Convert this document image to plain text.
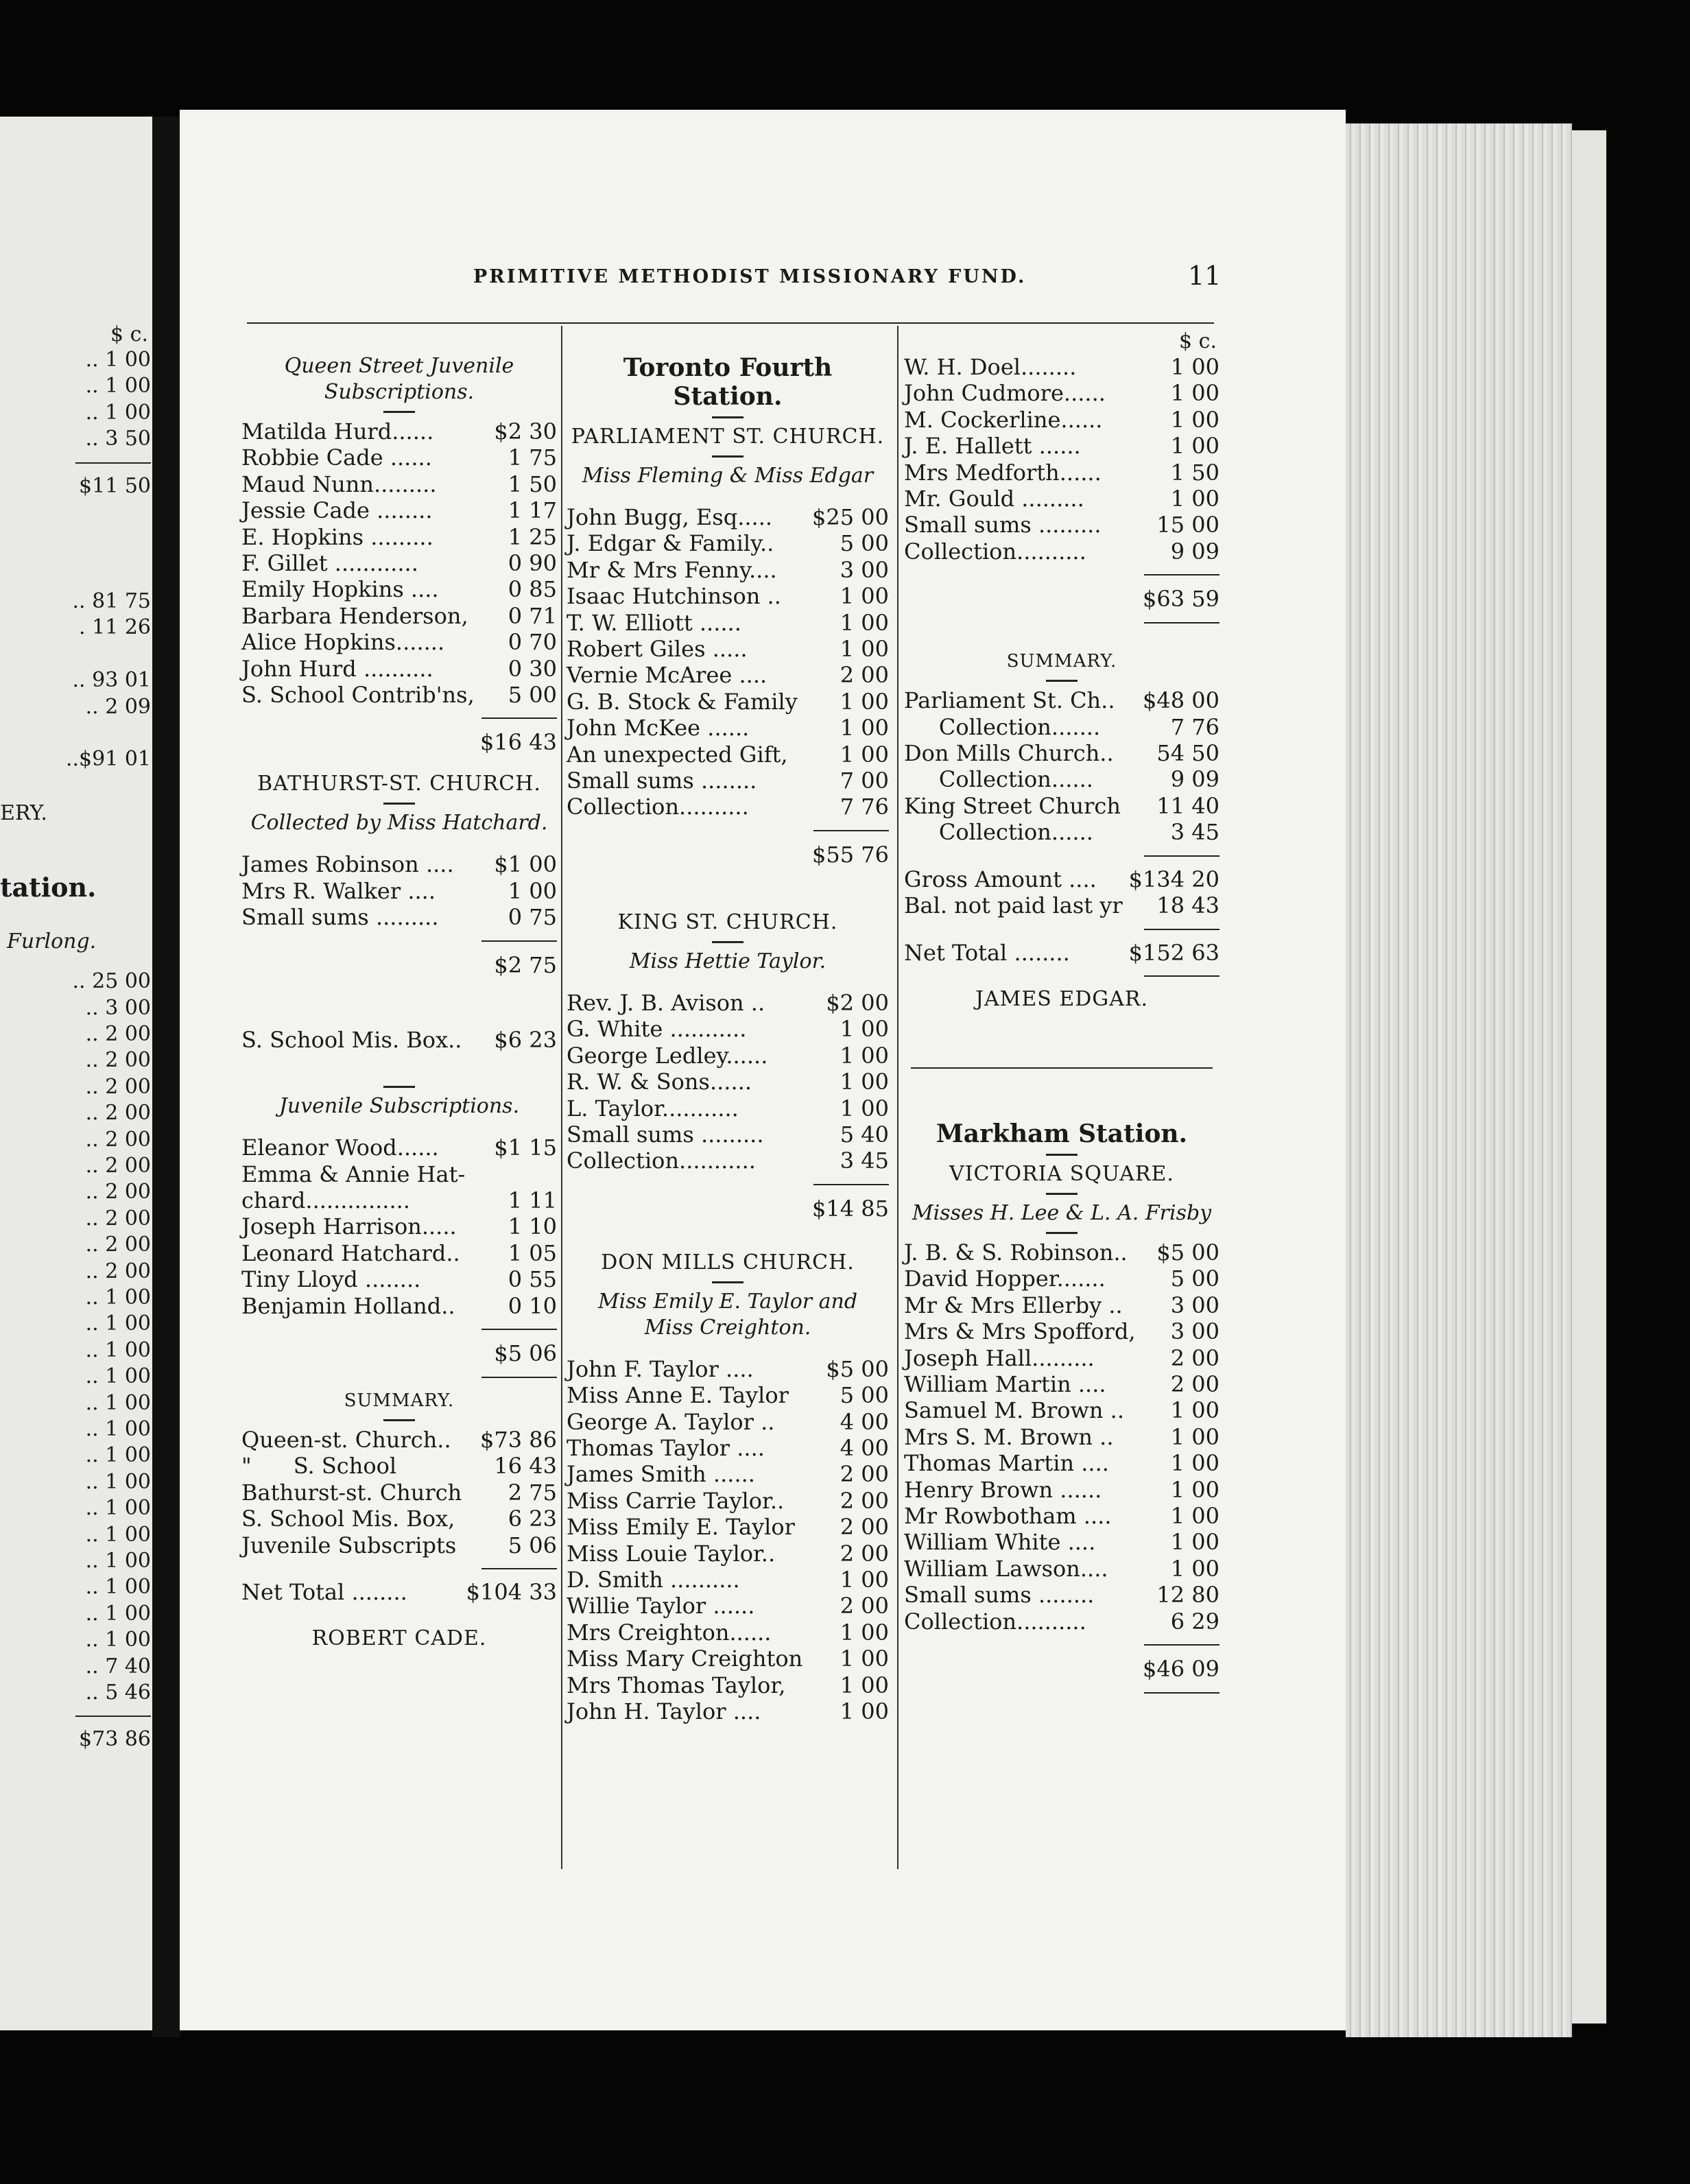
$ c.
.. 1 00
.. 1 00
.. 1 00
.. 3 50
$11 50
.. 81 75
. 11 26

.. 93 01
.. 2 09

..$91 01
ERY.
tation.
Furlong.
.. 25 00
.. 3 00
.. 2 00
.. 2 00
.. 2 00
.. 2 00
.. 2 00
.. 2 00
.. 2 00
.. 2 00
.. 2 00
.. 2 00
.. 1 00
.. 1 00
.. 1 00
.. 1 00
.. 1 00
.. 1 00
.. 1 00
.. 1 00
.. 1 00
.. 1 00
.. 1 00
.. 1 00
.. 1 00
.. 1 00
.. 7 40
.. 5 46
$73 86
PRIMITIVE METHODIST MISSIONARY FUND.	11
Queen Street Juvenile
Subscriptions.
Matilda Hurd......	$2 30
Robbie Cade ......	1 75
Maud Nunn.........	1 50
Jessie Cade ........	1 17
E. Hopkins .........	1 25
F. Gillet ............	0 90
Emily Hopkins ....	0 85
Barbara Henderson,	0 71
Alice Hopkins.......	0 70
John Hurd ..........	0 30
S. School Contrib'ns,	5 00
$16 43
BATHURST-ST. CHURCH.
Collected by Miss Hatchard.
James Robinson ....	$1 00
Mrs R. Walker ....	1 00
Small sums .........	0 75
$2 75
S. School Mis. Box..	$6 23
Juvenile Subscriptions.
Eleanor Wood......	$1 15
Emma & Annie Hat-
chard...............	1 11
Joseph Harrison.....	1 10
Leonard Hatchard..	1 05
Tiny Lloyd ........	0 55
Benjamin Holland..	0 10
$5 06
SUMMARY.
Queen-st. Church..	$73 86
"      S. School	16 43
Bathurst-st. Church	2 75
S. School Mis. Box,	6 23
Juvenile Subscripts	5 06
Net Total ........	$104 33
ROBERT CADE.
Toronto Fourth Station.
PARLIAMENT ST. CHURCH.
Miss Fleming & Miss Edgar
John Bugg, Esq.....	$25 00
J. Edgar & Family..	5 00
Mr & Mrs Fenny....	3 00
Isaac Hutchinson ..	1 00
T. W. Elliott ......	1 00
Robert Giles .....	1 00
Vernie McAree ....	2 00
G. B. Stock & Family	1 00
John McKee ......	1 00
An unexpected Gift,	1 00
Small sums ........	7 00
Collection..........	7 76
$55 76
KING ST. CHURCH.
Miss Hettie Taylor.
Rev. J. B. Avison ..	$2 00
G. White ...........	1 00
George Ledley......	1 00
R. W. & Sons......	1 00
L. Taylor...........	1 00
Small sums .........	5 40
Collection...........	3 45
$14 85
DON MILLS CHURCH.
Miss Emily E. Taylor and
Miss Creighton.
John F. Taylor ....	$5 00
Miss Anne E. Taylor	5 00
George A. Taylor ..	4 00
Thomas Taylor ....	4 00
James Smith ......	2 00
Miss Carrie Taylor..	2 00
Miss Emily E. Taylor	2 00
Miss Louie Taylor..	2 00
D. Smith ..........	1 00
Willie Taylor ......	2 00
Mrs Creighton......	1 00
Miss Mary Creighton	1 00
Mrs Thomas Taylor,	1 00
John H. Taylor ....	1 00
$ c.
W. H. Doel........	1 00
John Cudmore......	1 00
M. Cockerline......	1 00
J. E. Hallett ......	1 00
Mrs Medforth......	1 50
Mr. Gould .........	1 00
Small sums .........	15 00
Collection..........	9 09
$63 59
SUMMARY.
Parliament St. Ch..	$48 00
Collection.......	7 76
Don Mills Church..	54 50
Collection......	9 09
King Street Church	11 40
Collection......	3 45
Gross Amount ....	$134 20
Bal. not paid last yr	18 43
Net Total ........	$152 63
JAMES EDGAR.
Markham Station.
VICTORIA SQUARE.
Misses H. Lee & L. A. Frisby
J. B. & S. Robinson..	$5 00
David Hopper.......	5 00
Mr & Mrs Ellerby ..	3 00
Mrs & Mrs Spofford,	3 00
Joseph Hall.........	2 00
William Martin ....	2 00
Samuel M. Brown ..	1 00
Mrs S. M. Brown ..	1 00
Thomas Martin ....	1 00
Henry Brown ......	1 00
Mr Rowbotham ....	1 00
William White ....	1 00
William Lawson....	1 00
Small sums ........	12 80
Collection..........	6 29
$46 09
